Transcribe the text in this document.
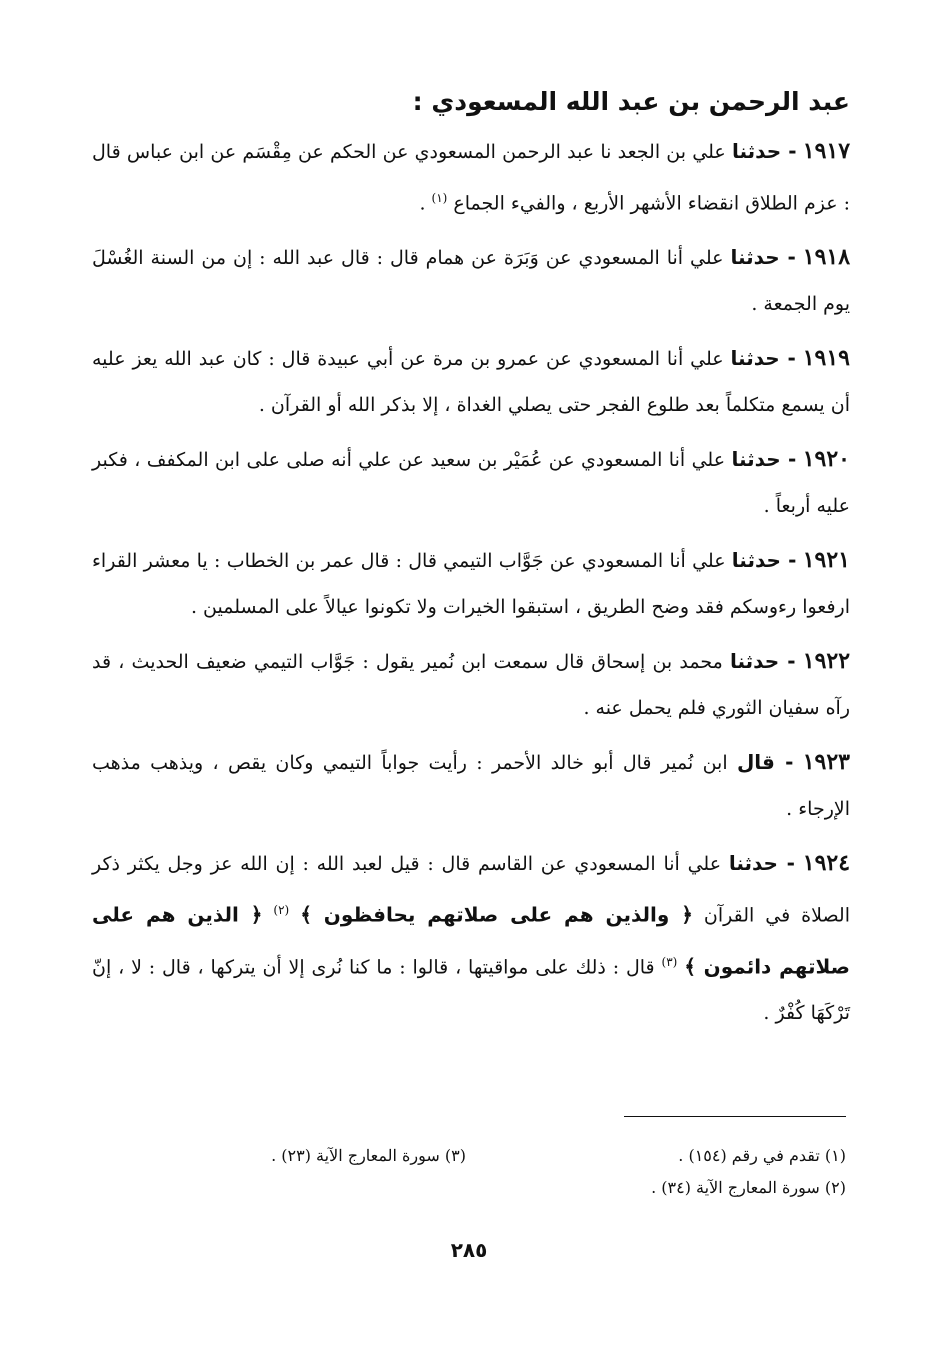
عبد الرحمن بن عبد الله المسعودي :
١٩١٧ - حدثنا علي بن الجعد نا عبد الرحمن المسعودي عن الحكم عن مِقْسَم عن ابن عباس قال : عزم الطلاق انقضاء الأشهر الأربع ، والفيء الجماع $^{(١)}$ .
١٩١٨ - حدثنا علي أنا المسعودي عن وَبَرَة عن همام قال : قال عبد الله : إن من السنة الغُسْلَ يوم الجمعة .
١٩١٩ - حدثنا علي أنا المسعودي عن عمرو بن مرة عن أبي عبيدة قال : كان عبد الله يعز عليه أن يسمع متكلماً بعد طلوع الفجر حتى يصلي الغداة ، إلا بذكر الله أو القرآن .
١٩٢٠ - حدثنا علي أنا المسعودي عن عُمَيْر بن سعيد عن علي أنه صلى على ابن المكفف ، فكبر عليه أربعاً .
١٩٢١ - حدثنا علي أنا المسعودي عن جَوَّاب التيمي قال : قال عمر بن الخطاب : يا معشر القراء ارفعوا رءوسكم فقد وضح الطريق ، استبقوا الخيرات ولا تكونوا عيالاً على المسلمين .
١٩٢٢ - حدثنا محمد بن إسحاق قال سمعت ابن نُمير يقول : جَوَّاب التيمي ضعيف الحديث ، قد رآه سفيان الثوري فلم يحمل عنه .
١٩٢٣ - قال ابن نُمير قال أبو خالد الأحمر : رأيت جواباً التيمي وكان يقص ، ويذهب مذهب الإرجاء .
١٩٢٤ - حدثنا علي أنا المسعودي عن القاسم قال : قيل لعبد الله : إن الله عز وجل يكثر ذكر الصلاة في القرآن ﴿ والذين هم على صلاتهم يحافظون ﴾ $^{(٢)}$ ﴿ الذين هم على صلاتهم دائمون ﴾ $^{(٣)}$ قال : ذلك على مواقيتها ، قالوا : ما كنا نُرى إلا أن يتركها ، قال : لا ، إنّ تَرْكَهَا كُفْرٌ .
(١) تقدم في رقم (١٥٤) .
(٣) سورة المعارج الآية (٢٣) .
(٢) سورة المعارج الآية (٣٤) .
٢٨٥
